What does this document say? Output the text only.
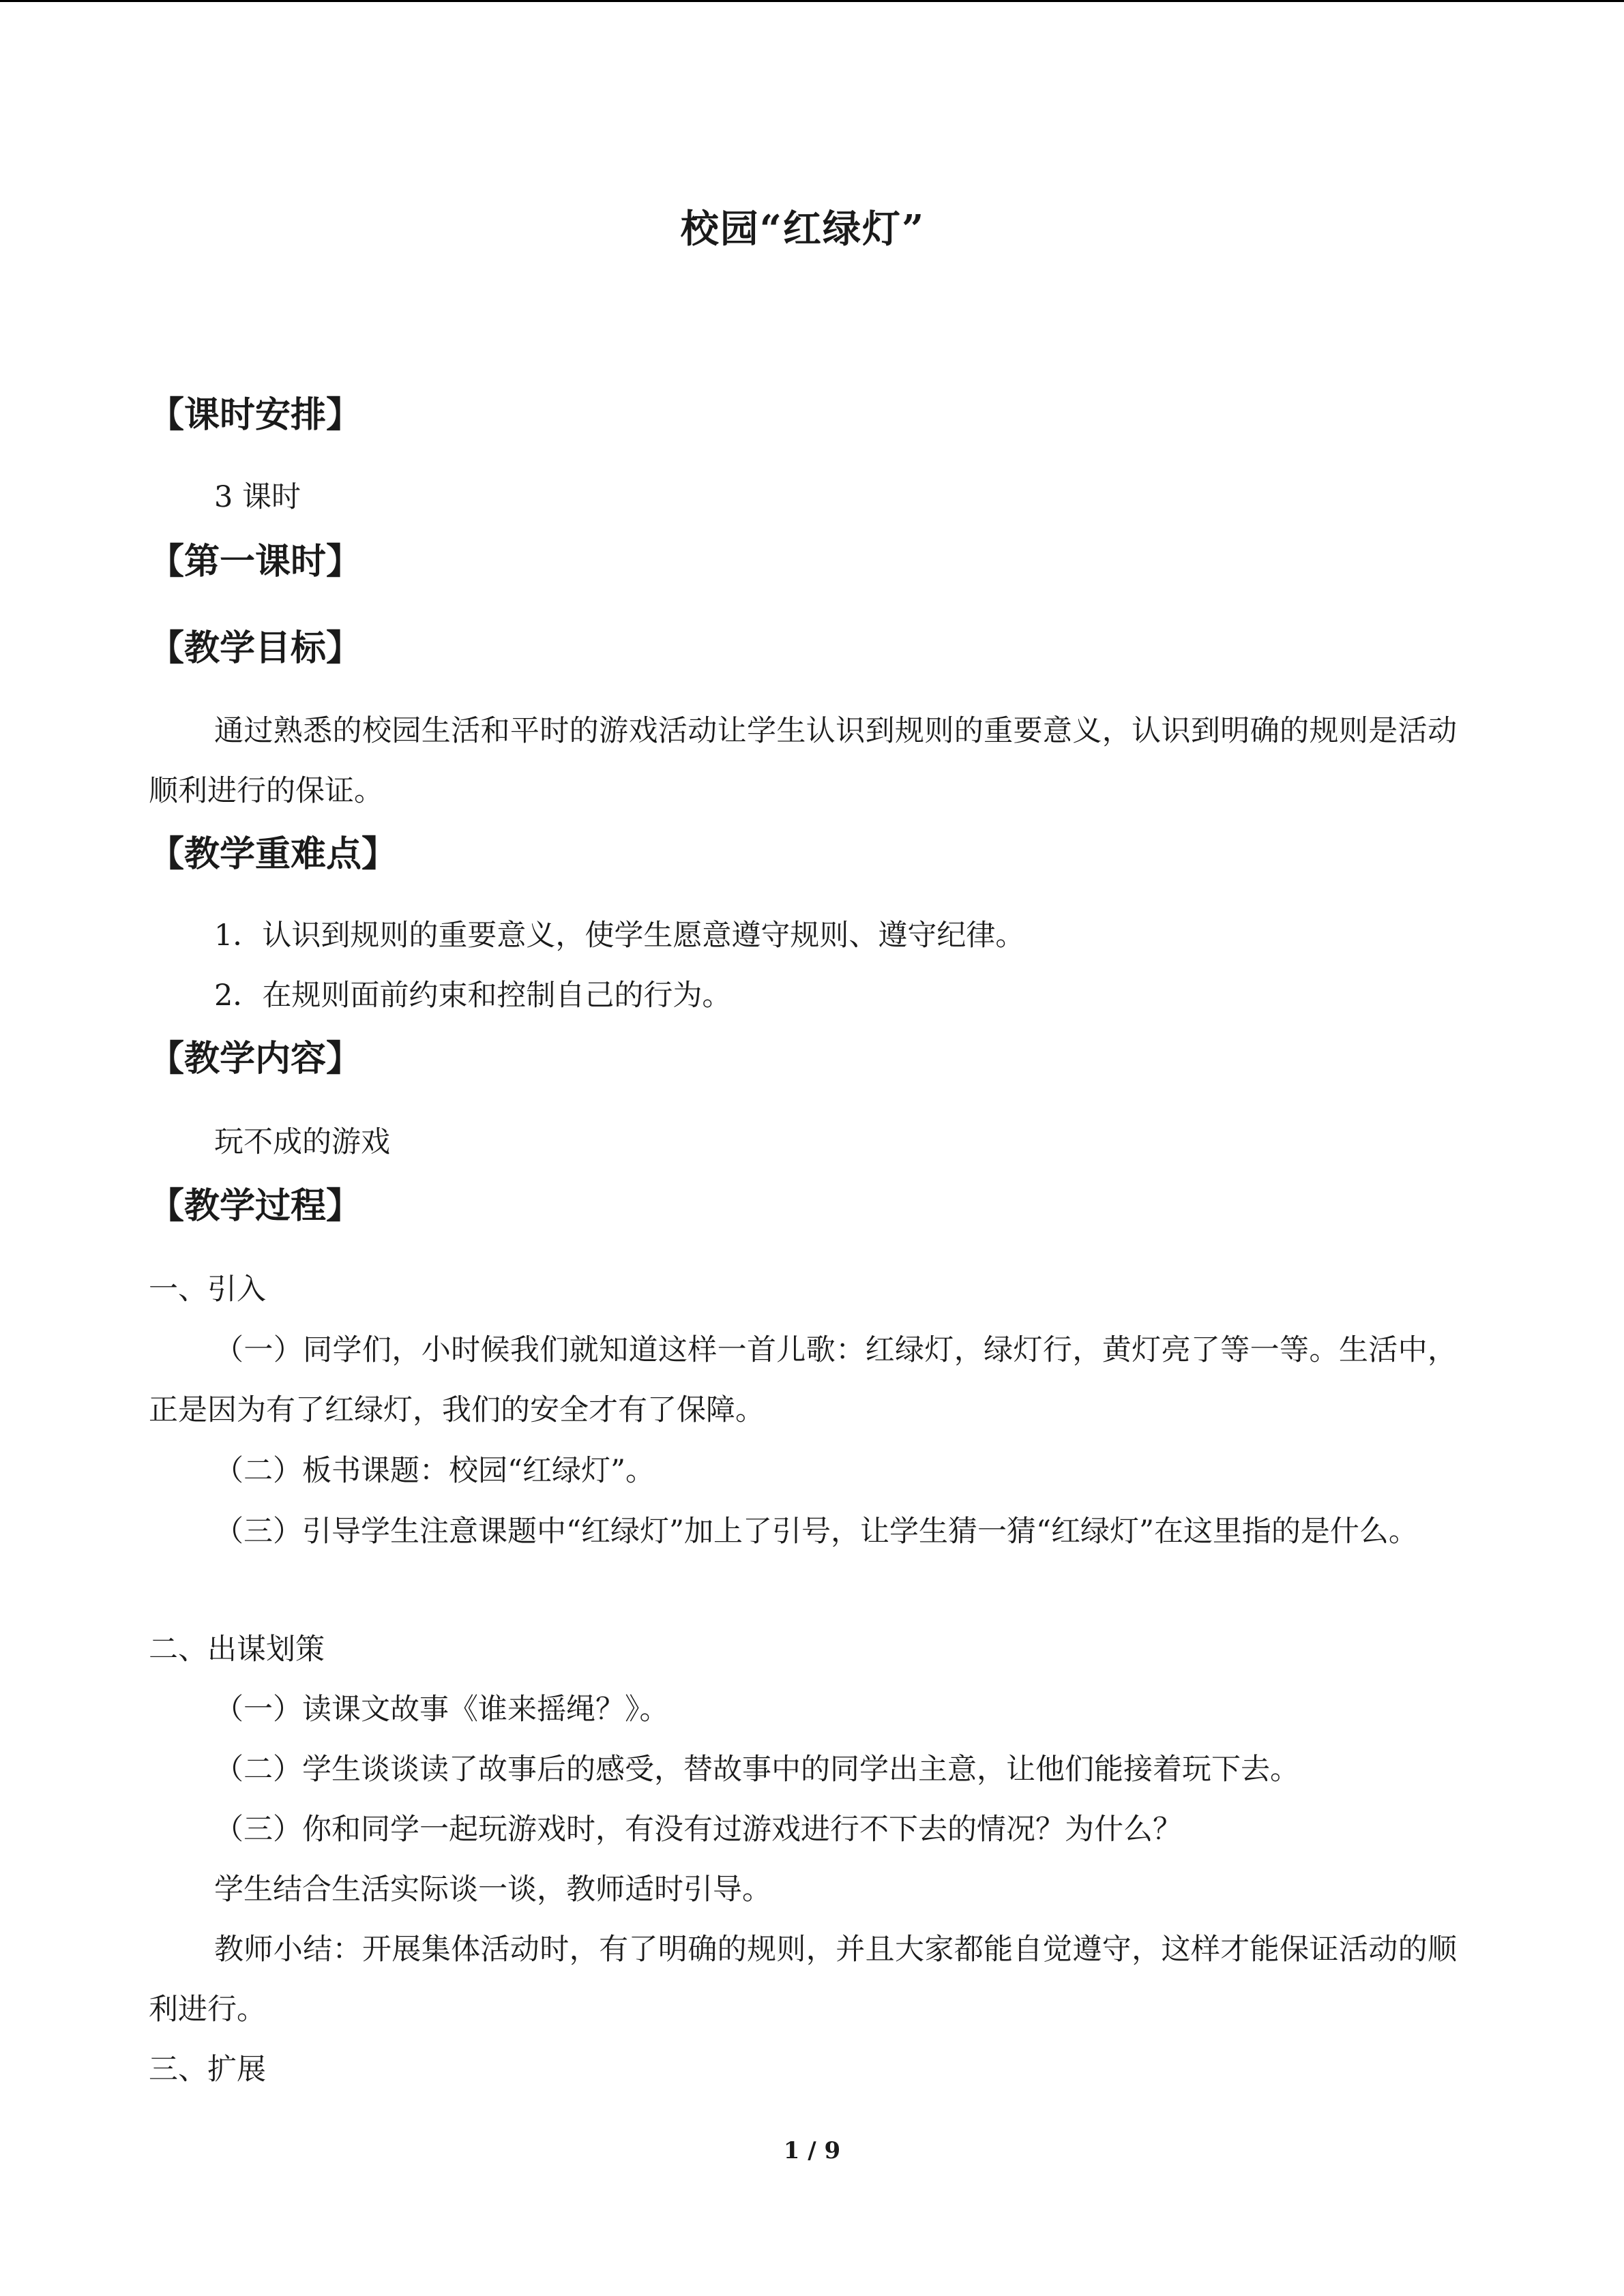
校园“红绿灯”
【课时安排】

3 课时

【第一课时】
【教学目标】

通过熟悉的校园生活和平时的游戏活动让学生认识到规则的重要意义，认识到明确的规则是活动顺利进行的保证。

【教学重难点】

1．认识到规则的重要意义，使学生愿意遵守规则、遵守纪律。

2．在规则面前约束和控制自己的行为。

【教学内容】

玩不成的游戏

【教学过程】

一、引入

（一）同学们，小时候我们就知道这样一首儿歌：红绿灯，绿灯行，黄灯亮了等一等。生活中，正是因为有了红绿灯，我们的安全才有了保障。

（二）板书课题：校园“红绿灯”。

（三）引导学生注意课题中“红绿灯”加上了引号，让学生猜一猜“红绿灯”在这里指的是什么。

二、出谋划策

（一）读课文故事《谁来摇绳？》。

（二）学生谈谈读了故事后的感受，替故事中的同学出主意，让他们能接着玩下去。

（三）你和同学一起玩游戏时，有没有过游戏进行不下去的情况？为什么？

学生结合生活实际谈一谈，教师适时引导。

教师小结：开展集体活动时，有了明确的规则，并且大家都能自觉遵守，这样才能保证活动的顺利进行。

三、扩展

1 / 9
